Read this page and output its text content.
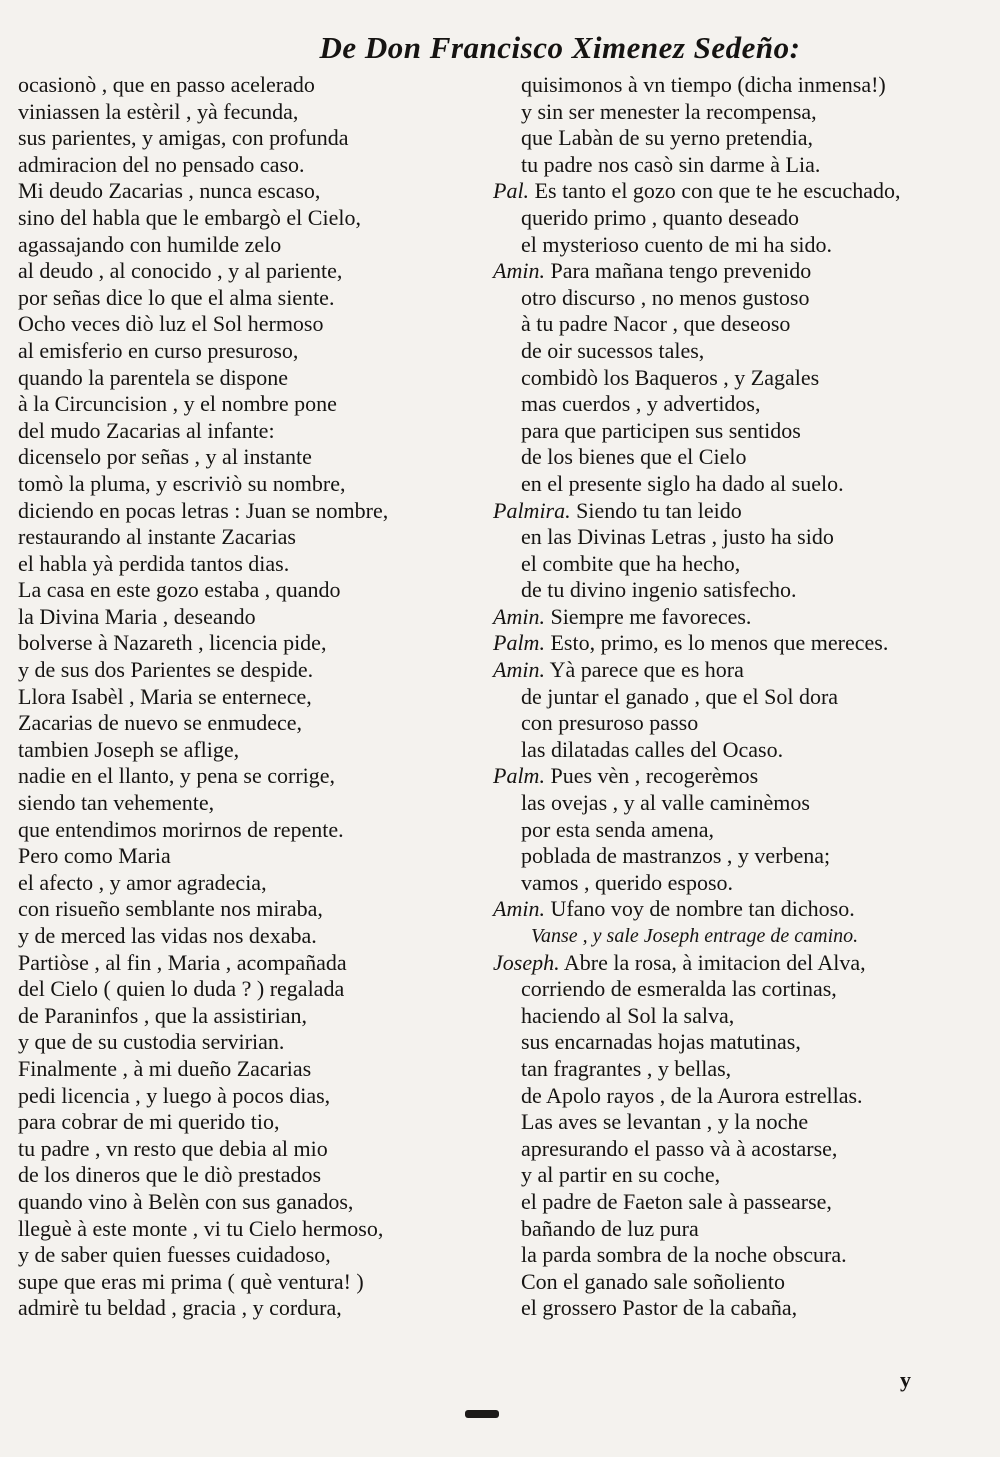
De Don Francisco Ximenez Sedeño:
ocasionò , que en passo acelerado
viniassen la estèril , yà fecunda,
sus parientes, y amigas, con profunda
admiracion del no pensado caso.
Mi deudo Zacarias , nunca escaso,
sino del habla que le embargò el Cielo,
agassajando con humilde zelo
al deudo , al conocido , y al pariente,
por señas dice lo que el alma siente.
Ocho veces diò luz el Sol hermoso
al emisferio en curso presuroso,
quando la parentela se dispone
à la Circuncision , y el nombre pone
del mudo Zacarias al infante:
dicenselo por señas , y al instante
tomò la pluma, y escriviò su nombre,
diciendo en pocas letras : Juan se nombre,
restaurando al instante Zacarias
el habla yà perdida tantos dias.
La casa en este gozo estaba , quando
la Divina Maria , deseando
bolverse à Nazareth , licencia pide,
y de sus dos Parientes se despide.
Llora Isabèl , Maria se enternece,
Zacarias de nuevo se enmudece,
tambien Joseph se aflige,
nadie en el llanto, y pena se corrige,
siendo tan vehemente,
que entendimos morirnos de repente.
Pero como Maria
el afecto , y amor agradecia,
con risueño semblante nos miraba,
y de merced las vidas nos dexaba.
Partiòse , al fin , Maria , acompañada
del Cielo ( quien lo duda ? ) regalada
de Paraninfos , que la assistirian,
y que de su custodia servirian.
Finalmente , à mi dueño Zacarias
pedi licencia , y luego à pocos dias,
para cobrar de mi querido tio,
tu padre , vn resto que debia al mio
de los dineros que le diò prestados
quando vino à Belèn con sus ganados,
lleguè à este monte , vi tu Cielo hermoso,
y de saber quien fuesses cuidadoso,
supe que eras mi prima ( què ventura! )
admirè tu beldad , gracia , y cordura,
quisimonos à vn tiempo (dicha inmensa!)
y sin ser menester la recompensa,
que Labàn de su yerno pretendia,
tu padre nos casò sin darme à Lia.
Pal. Es tanto el gozo con que te he escuchado,
querido primo , quanto deseado
el mysterioso cuento de mi ha sido.
Amin. Para mañana tengo prevenido
otro discurso , no menos gustoso
à tu padre Nacor , que deseoso
de oir sucessos tales,
combidò los Baqueros , y Zagales
mas cuerdos , y advertidos,
para que participen sus sentidos
de los bienes que el Cielo
en el presente siglo ha dado al suelo.
Palmira. Siendo tu tan leido
en las Divinas Letras , justo ha sido
el combite que ha hecho,
de tu divino ingenio satisfecho.
Amin. Siempre me favoreces.
Palm. Esto, primo, es lo menos que mereces.
Amin. Yà parece que es hora
de juntar el ganado , que el Sol dora
con presuroso passo
las dilatadas calles del Ocaso.
Palm. Pues vèn , recogerèmos
las ovejas , y al valle caminèmos
por esta senda amena,
poblada de mastranzos , y verbena;
vamos , querido esposo.
Amin. Ufano voy de nombre tan dichoso.
Vanse , y sale Joseph entrage de camino.
Joseph. Abre la rosa, à imitacion del Alva,
corriendo de esmeralda las cortinas,
haciendo al Sol la salva,
sus encarnadas hojas matutinas,
tan fragrantes , y bellas,
de Apolo rayos , de la Aurora estrellas.
Las aves se levantan , y la noche
apresurando el passo và à acostarse,
y al partir en su coche,
el padre de Faeton sale à passearse,
bañando de luz pura
la parda sombra de la noche obscura.
Con el ganado sale soñoliento
el grossero Pastor de la cabaña,
y
